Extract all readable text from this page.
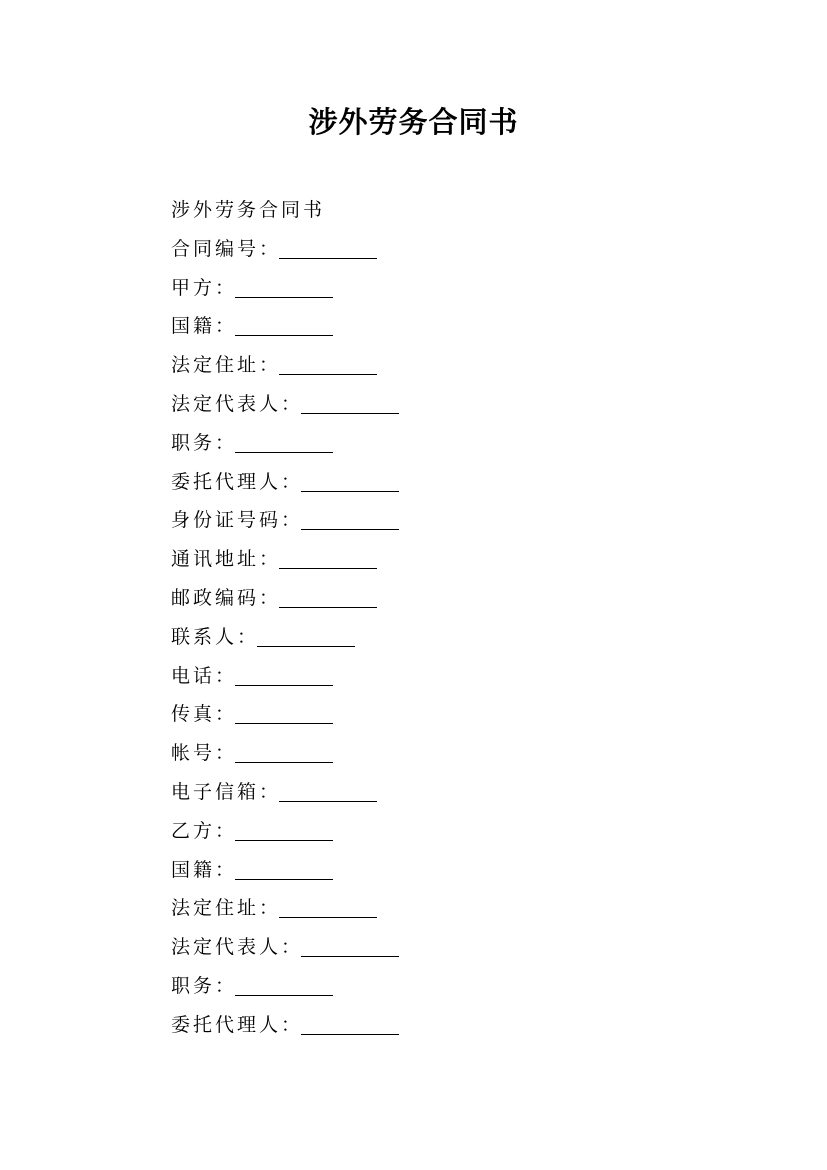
涉外劳务合同书
涉外劳务合同书
合同编号：
甲方：
国籍：
法定住址：
法定代表人：
职务：
委托代理人：
身份证号码：
通讯地址：
邮政编码：
联系人：
电话：
传真：
帐号：
电子信箱：
乙方：
国籍：
法定住址：
法定代表人：
职务：
委托代理人：
